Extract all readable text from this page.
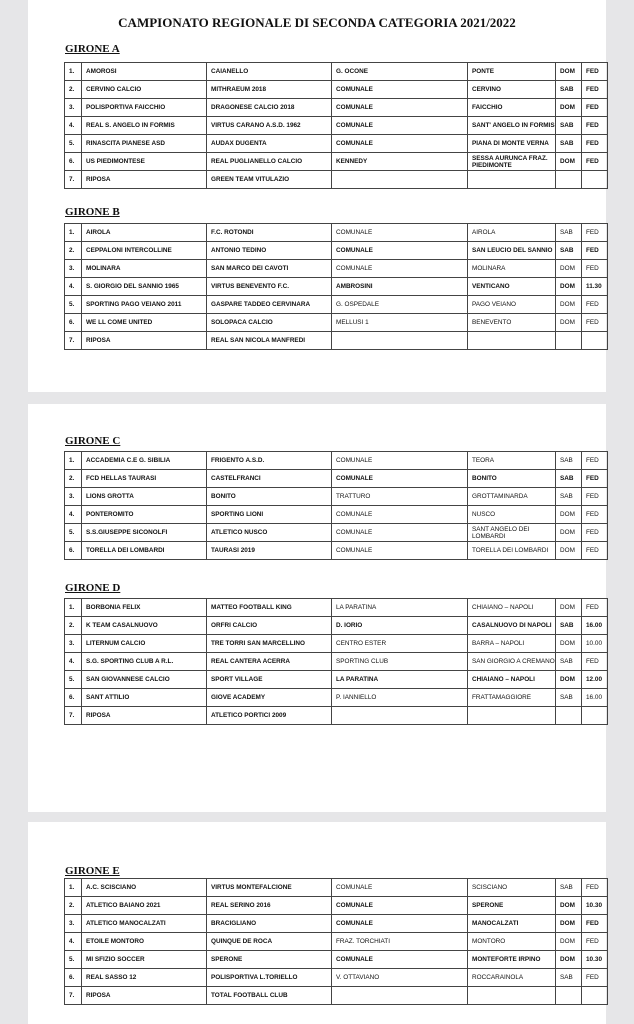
CAMPIONATO REGIONALE DI SECONDA CATEGORIA 2021/2022
GIRONE A
1.	AMOROSI	CAIANELLO	G. OCONE	PONTE	DOM	FED
2.	CERVINO CALCIO	MITHRAEUM 2018	COMUNALE	CERVINO	SAB	FED
3.	POLISPORTIVA FAICCHIO	DRAGONESE CALCIO 2018	COMUNALE	FAICCHIO	DOM	FED
4.	REAL S. ANGELO IN FORMIS	VIRTUS CARANO A.S.D. 1962	COMUNALE	SANT' ANGELO IN FORMIS	SAB	FED
5.	RINASCITA PIANESE ASD	AUDAX DUGENTA	COMUNALE	PIANA DI MONTE VERNA	SAB	FED
6.	US PIEDIMONTESE	REAL PUGLIANELLO CALCIO	KENNEDY	SESSA AURUNCA FRAZ. PIEDIMONTE	DOM	FED
7.	RIPOSA	GREEN TEAM VITULAZIO				
GIRONE B
1.	AIROLA	F.C. ROTONDI	COMUNALE	AIROLA	SAB	FED
2.	CEPPALONI INTERCOLLINE	ANTONIO TEDINO	COMUNALE	SAN LEUCIO DEL SANNIO	SAB	FED
3.	MOLINARA	SAN MARCO DEI CAVOTI	COMUNALE	MOLINARA	DOM	FED
4.	S. GIORGIO DEL SANNIO 1965	VIRTUS BENEVENTO F.C.	AMBROSINI	VENTICANO	DOM	11.30
5.	SPORTING PAGO VEIANO 2011	GASPARE TADDEO CERVINARA	G. OSPEDALE	PAGO VEIANO	DOM	FED
6.	WE LL COME UNITED	SOLOPACA CALCIO	MELLUSI 1	BENEVENTO	DOM	FED
7.	RIPOSA	REAL SAN NICOLA MANFREDI				
GIRONE C
1.	ACCADEMIA C.E G. SIBILIA	FRIGENTO A.S.D.	COMUNALE	TEORA	SAB	FED
2.	FCD HELLAS TAURASI	CASTELFRANCI	COMUNALE	BONITO	SAB	FED
3.	LIONS GROTTA	BONITO	TRATTURO	GROTTAMINARDA	SAB	FED
4.	PONTEROMITO	SPORTING LIONI	COMUNALE	NUSCO	DOM	FED
5.	S.S.GIUSEPPE SICONOLFI	ATLETICO NUSCO	COMUNALE	SANT ANGELO DEI LOMBARDI	DOM	FED
6.	TORELLA DEI LOMBARDI	TAURASI 2019	COMUNALE	TORELLA DEI LOMBARDI	DOM	FED
GIRONE D
1.	BORBONIA FELIX	MATTEO FOOTBALL KING	LA PARATINA	CHIAIANO – NAPOLI	DOM	FED
2.	K TEAM CASALNUOVO	ORFRI CALCIO	D. IORIO	CASALNUOVO DI NAPOLI	SAB	16.00
3.	LITERNUM CALCIO	TRE TORRI SAN MARCELLINO	CENTRO ESTER	BARRA – NAPOLI	DOM	10.00
4.	S.G. SPORTING CLUB A R.L.	REAL CANTERA ACERRA	SPORTING CLUB	SAN GIORGIO A CREMANO	SAB	FED
5.	SAN GIOVANNESE CALCIO	SPORT VILLAGE	LA PARATINA	CHIAIANO – NAPOLI	DOM	12.00
6.	SANT ATTILIO	GIOVE ACADEMY	P. IANNIELLO	FRATTAMAGGIORE	SAB	16.00
7.	RIPOSA	ATLETICO PORTICI 2009				
GIRONE E
1.	A.C. SCISCIANO	VIRTUS MONTEFALCIONE	COMUNALE	SCISCIANO	SAB	FED
2.	ATLETICO BAIANO 2021	REAL SERINO 2016	COMUNALE	SPERONE	DOM	10.30
3.	ATLETICO MANOCALZATI	BRACIGLIANO	COMUNALE	MANOCALZATI	DOM	FED
4.	ETOILE MONTORO	QUINQUE DE ROCA	FRAZ. TORCHIATI	MONTORO	DOM	FED
5.	MI SFIZIO SOCCER	SPERONE	COMUNALE	MONTEFORTE IRPINO	DOM	10.30
6.	REAL SASSO 12	POLISPORTIVA L.TORIELLO	V. OTTAVIANO	ROCCARAINOLA	SAB	FED
7.	RIPOSA	TOTAL FOOTBALL CLUB				
